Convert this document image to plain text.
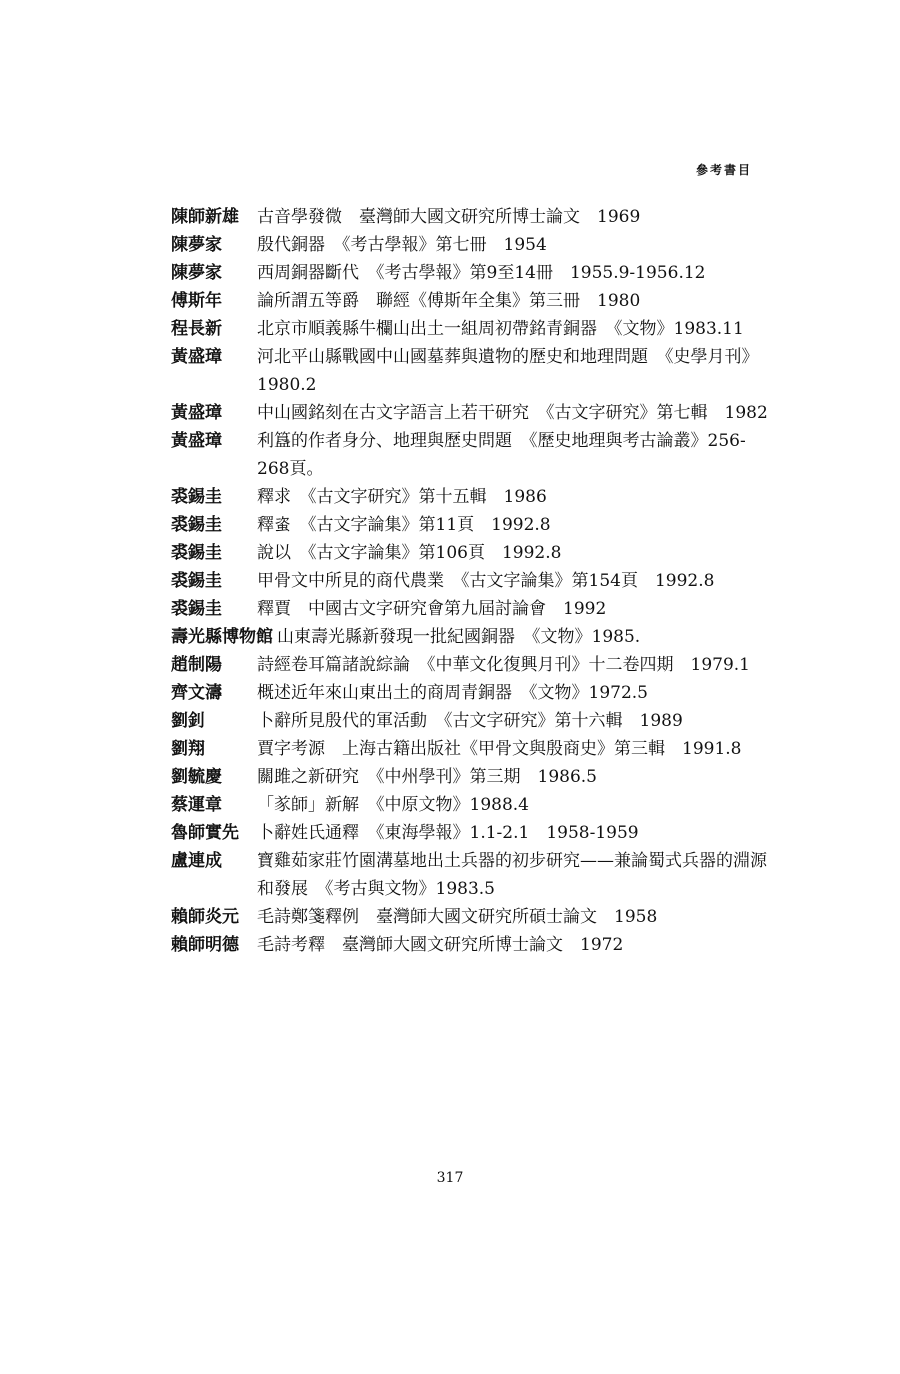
參考書目
陳師新雄	古音學發微　臺灣師大國文研究所博士論文　1969
陳夢家	殷代銅器　《考古學報》第七冊　1954
陳夢家	西周銅器斷代　《考古學報》第9至14冊　1955.9-1956.12
傅斯年	論所謂五等爵　聯經《傅斯年全集》第三冊　1980
程長新	北京市順義縣牛欄山出土一組周初帶銘青銅器　《文物》1983.11
黃盛璋	河北平山縣戰國中山國墓葬與遺物的歷史和地理問題　《史學月刊》1980.2
黃盛璋	中山國銘刻在古文字語言上若干研究　《古文字研究》第七輯　1982
黃盛璋	利簋的作者身分、地理與歷史問題　《歷史地理與考古論叢》256-268頁。
裘錫圭	釋求　《古文字研究》第十五輯　1986
裘錫圭	釋𧊒　《古文字論集》第11頁　1992.8
裘錫圭	說以　《古文字論集》第106頁　1992.8
裘錫圭	甲骨文中所見的商代農業　《古文字論集》第154頁　1992.8
裘錫圭	釋賈　中國古文字研究會第九屆討論會　1992
壽光縣博物館 山東壽光縣新發現一批紀國銅器　《文物》1985.
趙制陽	詩經卷耳篇諸說綜論　《中華文化復興月刊》十二卷四期　1979.1
齊文濤	概述近年來山東出土的商周青銅器　《文物》1972.5
劉釗	卜辭所見殷代的軍活動　《古文字研究》第十六輯　1989
劉翔	賈字考源　上海古籍出版社《甲骨文與殷商史》第三輯　1991.8
劉毓慶	關雎之新研究　《中州學刊》第三期　1986.5
蔡運章	「㒸師」新解　《中原文物》1988.4
魯師實先	卜辭姓氏通釋　《東海學報》1.1-2.1　1958-1959
盧連成	寶雞茹家莊竹園溝墓地出土兵器的初步研究——兼論蜀式兵器的淵源和發展　《考古與文物》1983.5
賴師炎元	毛詩鄭箋釋例　臺灣師大國文研究所碩士論文　1958
賴師明德	毛詩考釋　臺灣師大國文研究所博士論文　1972
317
